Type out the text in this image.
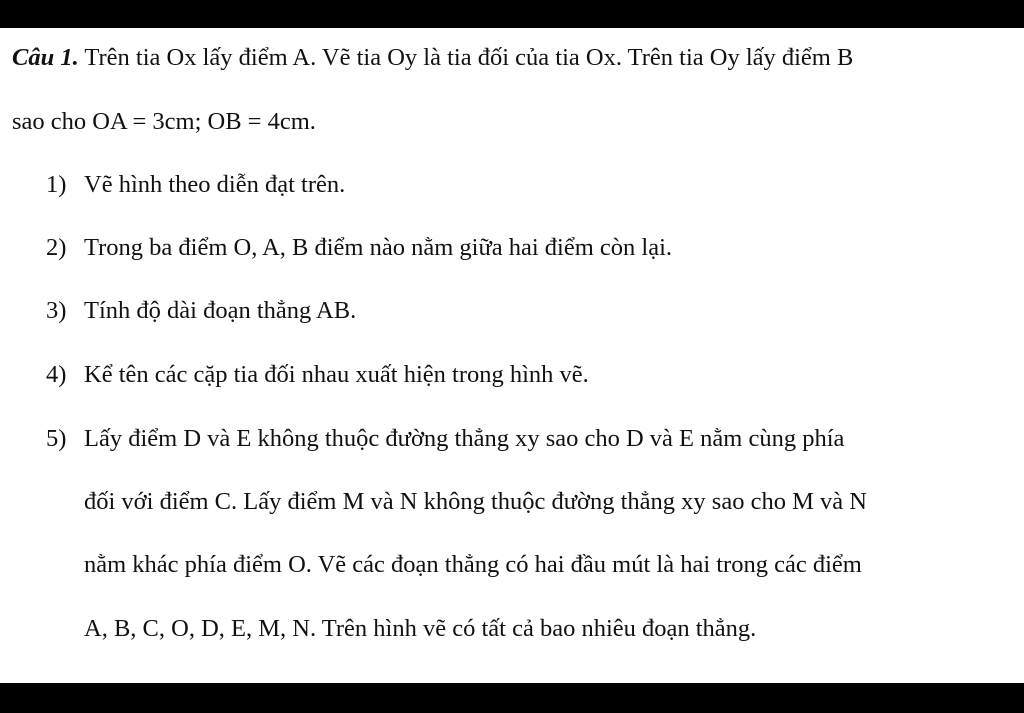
Câu 1. Trên tia Ox lấy điểm A. Vẽ tia Oy là tia đối của tia Ox. Trên tia Oy lấy điểm B
sao cho OA = 3cm; OB = 4cm.
1) Vẽ hình theo diễn đạt trên.
2) Trong ba điểm O, A, B điểm nào nằm giữa hai điểm còn lại.
3) Tính độ dài đoạn thẳng AB.
4) Kể tên các cặp tia đối nhau xuất hiện trong hình vẽ.
5) Lấy điểm D và E không thuộc đường thẳng xy sao cho D và E nằm cùng phía
đối với điểm C. Lấy điểm M và N không thuộc đường thẳng xy sao cho M và N
nằm khác phía điểm O. Vẽ các đoạn thẳng có hai đầu mút là hai trong các điểm
A, B, C, O, D, E, M, N. Trên hình vẽ có tất cả bao nhiêu đoạn thẳng.
